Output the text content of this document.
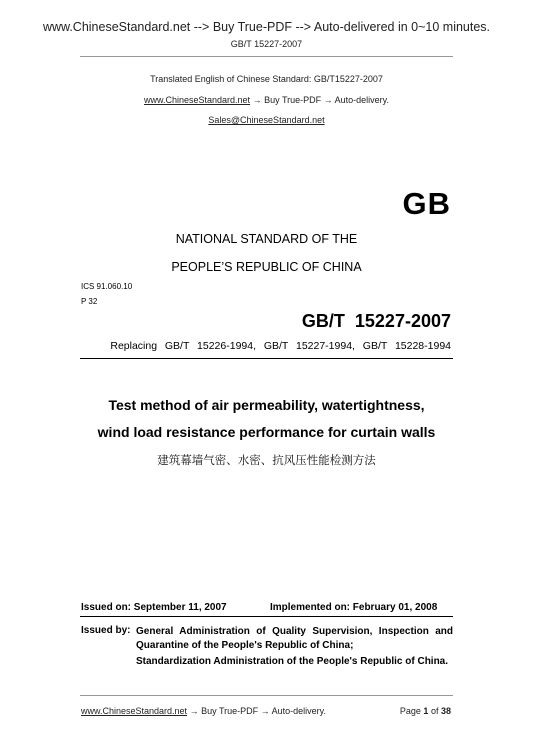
www.ChineseStandard.net --> Buy True-PDF --> Auto-delivered in 0~10 minutes.
GB/T 15227-2007
Translated English of Chinese Standard: GB/T15227-2007
www.ChineseStandard.net → Buy True-PDF → Auto-delivery.
Sales@ChineseStandard.net
GB
NATIONAL STANDARD OF THE
PEOPLE’S REPUBLIC OF CHINA
ICS 91.060.10
P 32
GB/T  15227-2007
Replacing  GB/T  15226-1994,  GB/T  15227-1994,  GB/T  15228-1994
Test method of air permeability, watertightness,
wind load resistance performance for curtain walls
建筑幕墙气密、水密、抗风压性能检测方法
Issued on: September 11, 2007	Implemented on: February 01, 2008
Issued by: General Administration of Quality Supervision, Inspection and Quarantine of the People's Republic of China;
Standardization Administration of the People's Republic of China.
www.ChineseStandard.net → Buy True-PDF → Auto-delivery.	Page 1 of 38
